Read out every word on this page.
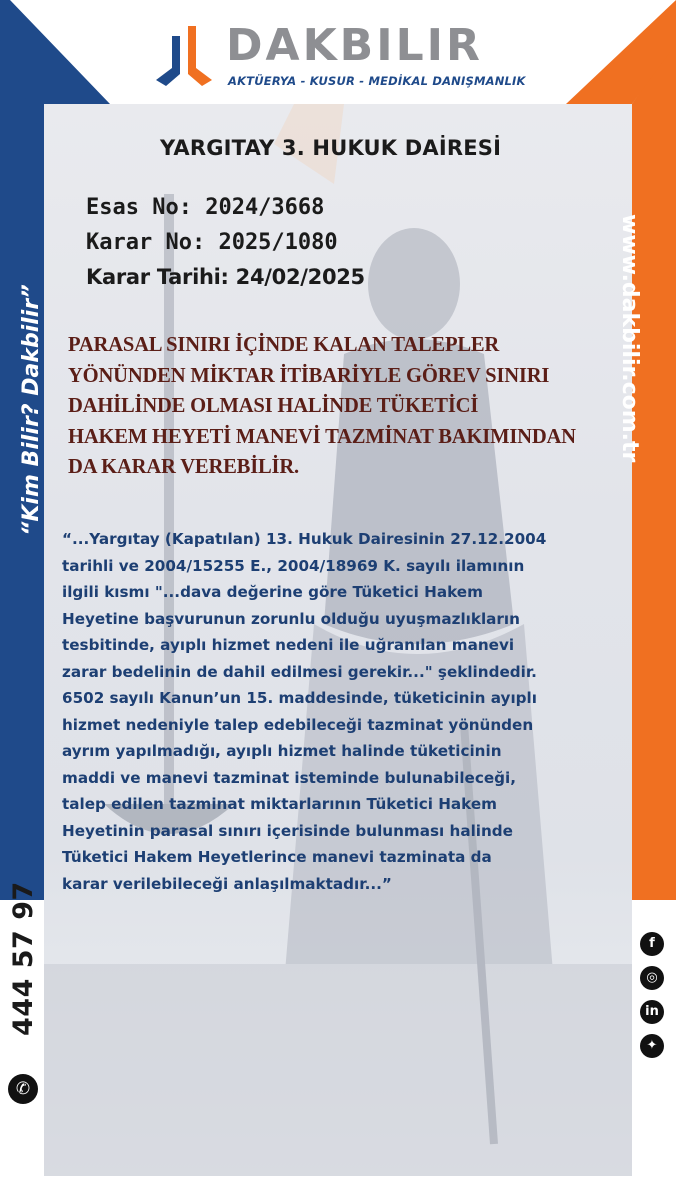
DAKBILIR
AKTÜERYA - KUSUR - MEDİKAL DANIŞMANLIK
“Kim Bilir? Dakbilir”	www.dakbilir.com.tr
444 57 97
✆
f
◎
in
✦
YARGITAY 3. HUKUK DAİRESİ
Esas No: 2024/3668
Karar No: 2025/1080
Karar Tarihi: 24/02/2025
PARASAL SINIRI İÇİNDE KALAN TALEPLER
YÖNÜNDEN MİKTAR İTİBARİYLE GÖREV SINIRI
DAHİLİNDE OLMASI HALİNDE TÜKETİCİ
HAKEM HEYETİ MANEVİ TAZMİNAT BAKIMINDAN
DA KARAR VEREBİLİR.
“...Yargıtay (Kapatılan) 13. Hukuk Dairesinin 27.12.2004
tarihli ve 2004/15255 E., 2004/18969 K. sayılı ilamının
ilgili kısmı "...dava değerine göre Tüketici Hakem
Heyetine başvurunun zorunlu olduğu uyuşmazlıkların
tesbitinde, ayıplı hizmet nedeni ile uğranılan manevi
zarar bedelinin de dahil edilmesi gerekir..." şeklindedir.
6502 sayılı Kanun’un 15. maddesinde, tüketicinin ayıplı
hizmet nedeniyle talep edebileceği tazminat yönünden
ayrım yapılmadığı, ayıplı hizmet halinde tüketicinin
maddi ve manevi tazminat isteminde bulunabileceği,
talep edilen tazminat miktarlarının Tüketici Hakem
Heyetinin parasal sınırı içerisinde bulunması halinde
Tüketici Hakem Heyetlerince manevi tazminata da
karar verilebileceği anlaşılmaktadır...”
